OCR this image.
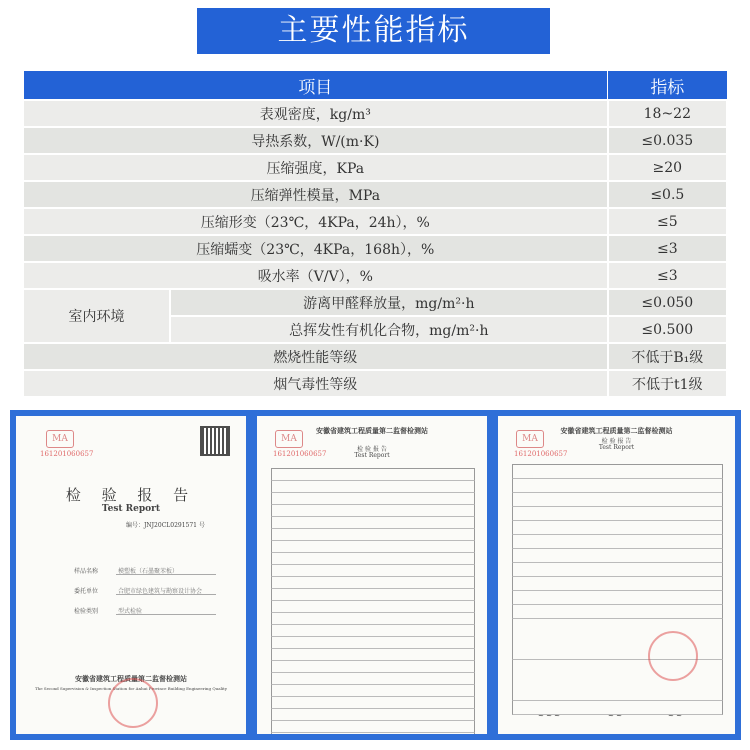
主要性能指标
项目		指标
表观密度，kg/m³		18~22
导热系数，W/(m·K)		≤0.035
压缩强度，KPa		≥20
压缩弹性模量，MPa		≤0.5
压缩形变（23℃，4KPa，24h），%		≤5
压缩蠕变（23℃，4KPa，168h），%		≤3
吸水率（V/V），%		≤3
室内环境	游离甲醛释放量，mg/m²·h	≤0.050
	总挥发性有机化合物，mg/m²·h	≤0.500
燃烧性能等级		不低于B₁级
烟气毒性等级		不低于t1级
MA
161201060657
检 验 报 告
Test Report
编号：JNJ20CL0291571 号
样品名称	模塑板（石墨聚苯板）
委托单位	合肥市绿色建筑与勘察设计协会
检验类别	型式检验
安徽省建筑工程质量第二监督检测站
The Second Supervision & Inspection Station for Anhui Province Building Engineering Quality
MA
161201060657
安徽省建筑工程质量第二监督检测站
检 验 报 告
Test Report
MA
161201060657
安徽省建筑工程质量第二监督检测站
检 验 报 告
Test Report
~ ~ ~	~ ~	~ ~
